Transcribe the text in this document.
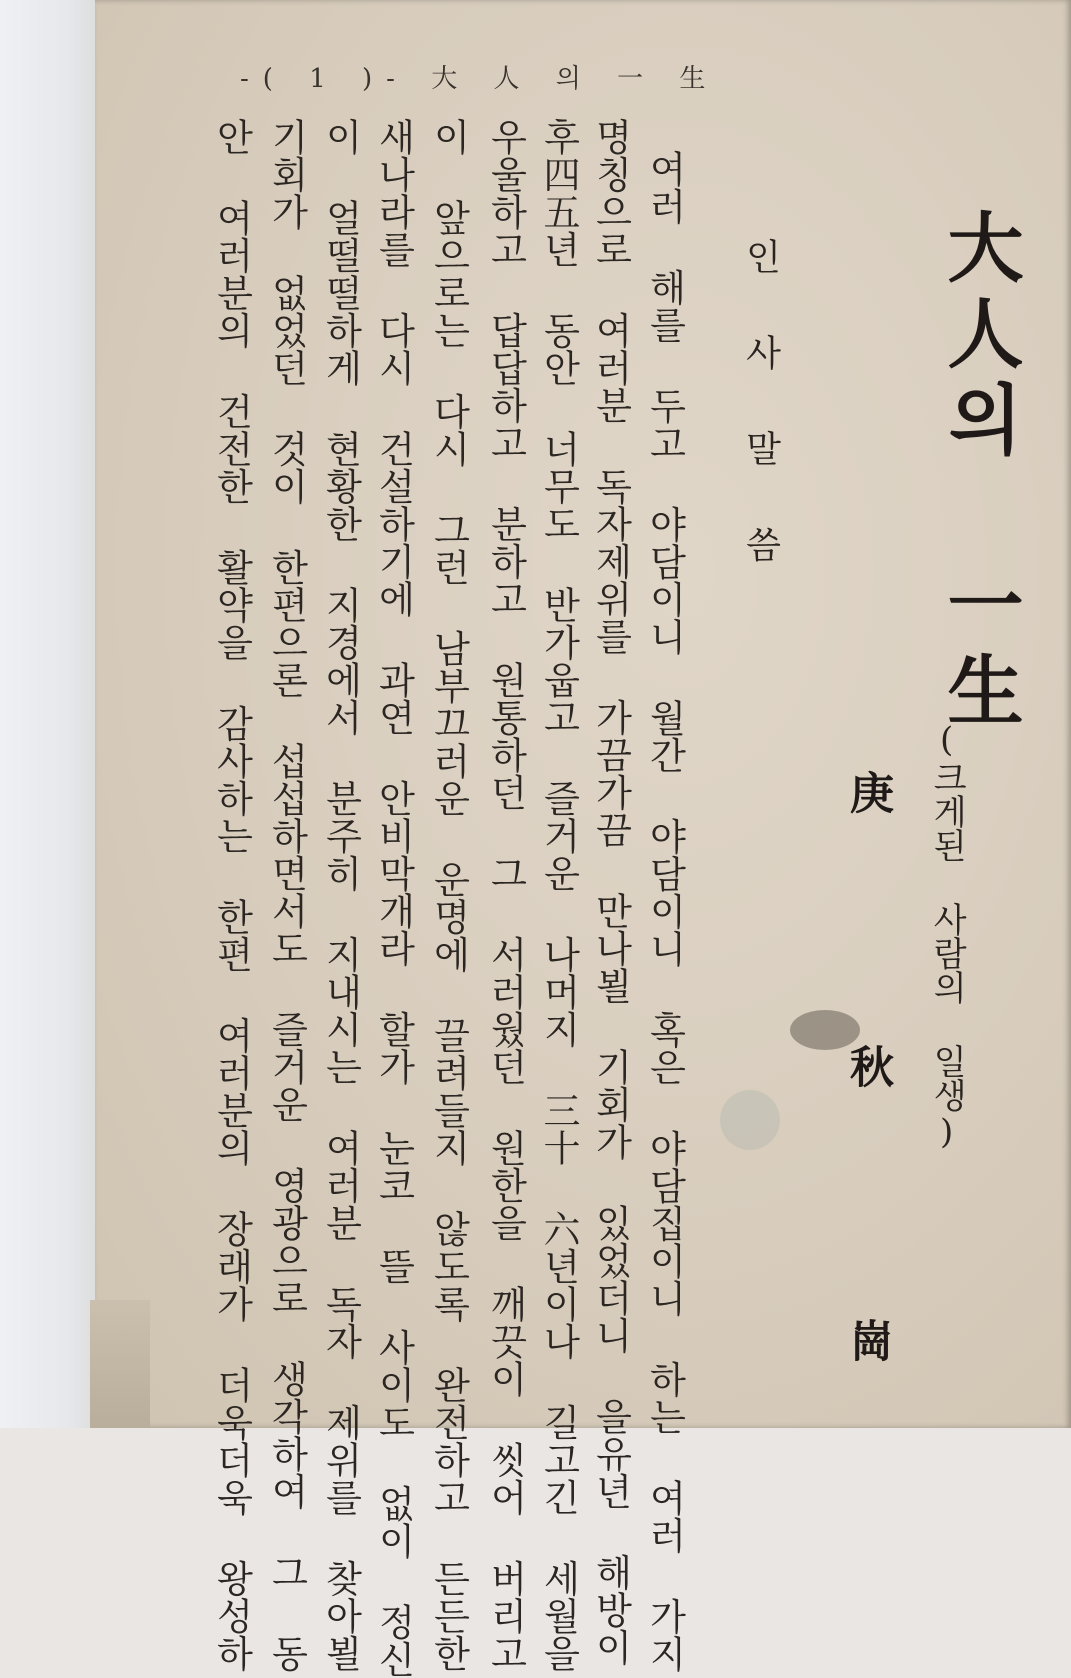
-( 1 )- 大 人 의 一 生
大人의 一生
(크게된 사람의 일생)
庚秋崗
인사말씀
여러 해를 두고 야담이니 월간 야담이니 혹은 야담집이니 하는 여러 가지
명칭으로 여러분 독자제위를 가끔가끔 만나뵐 기회가 있었더니 을유년 해방이
후四五년 동안 너무도 반가웁고 즐거운 나머지 三十 六년이나 길고긴 세월을
우울하고 답답하고 분하고 원통하던 그 서러웠던 원한을 깨끗이 씻어 버리고
이 앞으로는 다시 그런 남부끄러운 운명에 끌려들지 않도록 완전하고 든든한
새나라를 다시 건설하기에 과연 안비막개라 할가 눈코 뜰 사이도 없이 정신
이 얼떨떨하게 현황한 지경에서 분주히 지내시는 여러분 독자 제위를 찾아뵐
기회가 없었던 것이 한편으론 섭섭하면서도 즐거운 영광으로 생각하여 그 동
안 여러분의 건전한 활약을 감사하는 한편 여러분의 장래가 더욱더욱 왕성하
